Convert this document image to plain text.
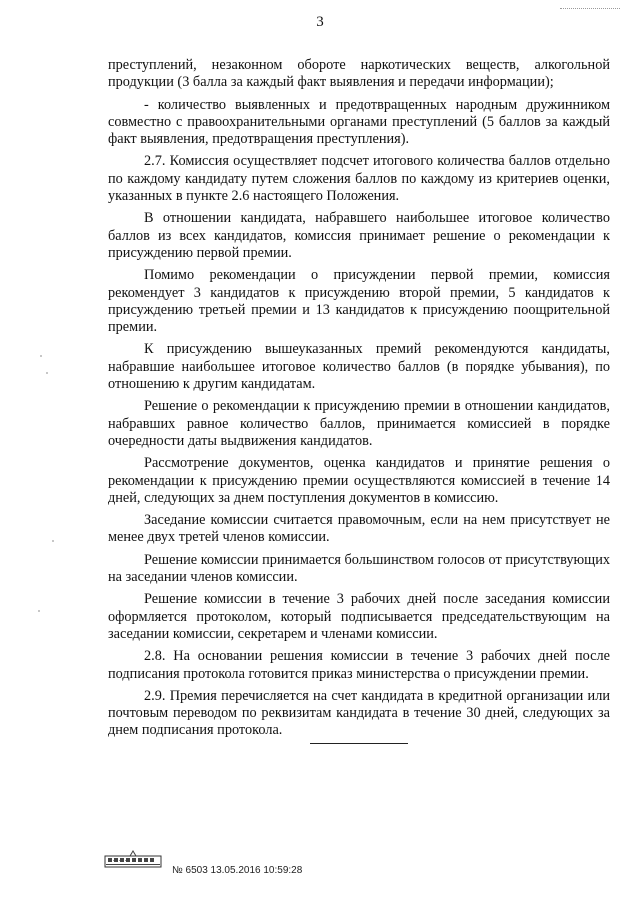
3

преступлений, незаконном обороте наркотических веществ, алкогольной продукции (3 балла за каждый факт выявления и передачи информации);

- количество выявленных и предотвращенных народным дружинником совместно с правоохранительными органами преступлений (5 баллов за каждый факт выявления, предотвращения преступления).

2.7. Комиссия осуществляет подсчет итогового количества баллов отдельно по каждому кандидату путем сложения баллов по каждому из критериев оценки, указанных в пункте 2.6 настоящего Положения.

В отношении кандидата, набравшего наибольшее итоговое количество баллов из всех кандидатов, комиссия принимает решение о рекомендации к присуждению первой премии.

Помимо рекомендации о присуждении первой премии, комиссия рекомендует 3 кандидатов к присуждению второй премии, 5 кандидатов к присуждению третьей премии и 13 кандидатов к присуждению поощрительной премии.

К присуждению вышеуказанных премий рекомендуются кандидаты, набравшие наибольшее итоговое количество баллов (в порядке убывания), по отношению к другим кандидатам.

Решение о рекомендации к присуждению премии в отношении кандидатов, набравших равное количество баллов, принимается комиссией в порядке очередности даты выдвижения кандидатов.

Рассмотрение документов, оценка кандидатов и принятие решения о рекомендации к присуждению премии осуществляются комиссией в течение 14 дней, следующих за днем поступления документов в комиссию.

Заседание комиссии считается правомочным, если на нем присутствует не менее двух третей членов комиссии.

Решение комиссии принимается большинством голосов от присутствующих на заседании членов комиссии.

Решение комиссии в течение 3 рабочих дней после заседания комиссии оформляется протоколом, который подписывается председательствующим на заседании комиссии, секретарем и членами комиссии.

2.8. На основании решения комиссии в течение 3 рабочих дней после подписания протокола готовится приказ министерства о присуждении премии.

2.9. Премия перечисляется на счет кандидата в кредитной организации или почтовым переводом по реквизитам кандидата в течение 30 дней, следующих за днем подписания протокола.

№ 6503 13.05.2016 10:59:28
